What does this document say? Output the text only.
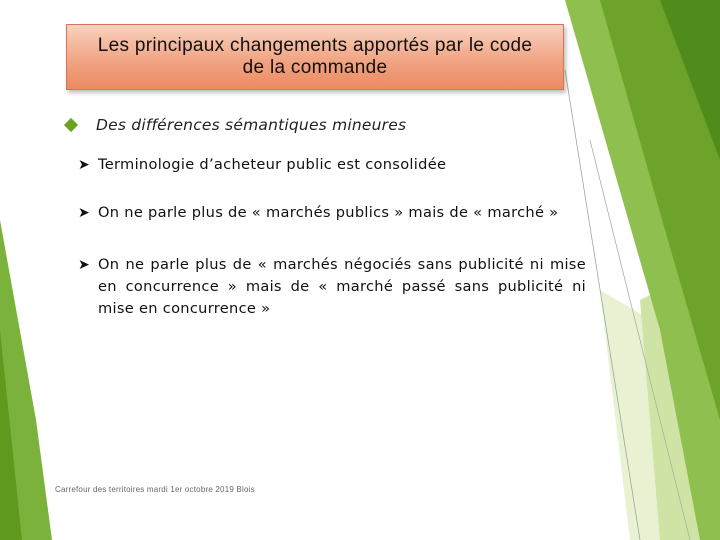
Les principaux changements apportés par le code de la commande
Des différences sémantiques mineures
➤ Terminologie d’acheteur public est consolidée
➤ On ne parle plus de « marchés publics » mais de « marché »
➤ On ne parle plus de « marchés négociés sans publicité ni mise en concurrence » mais de « marché passé sans publicité ni mise en concurrence »
Carrefour des territoires mardi 1er octobre 2019 Blois
